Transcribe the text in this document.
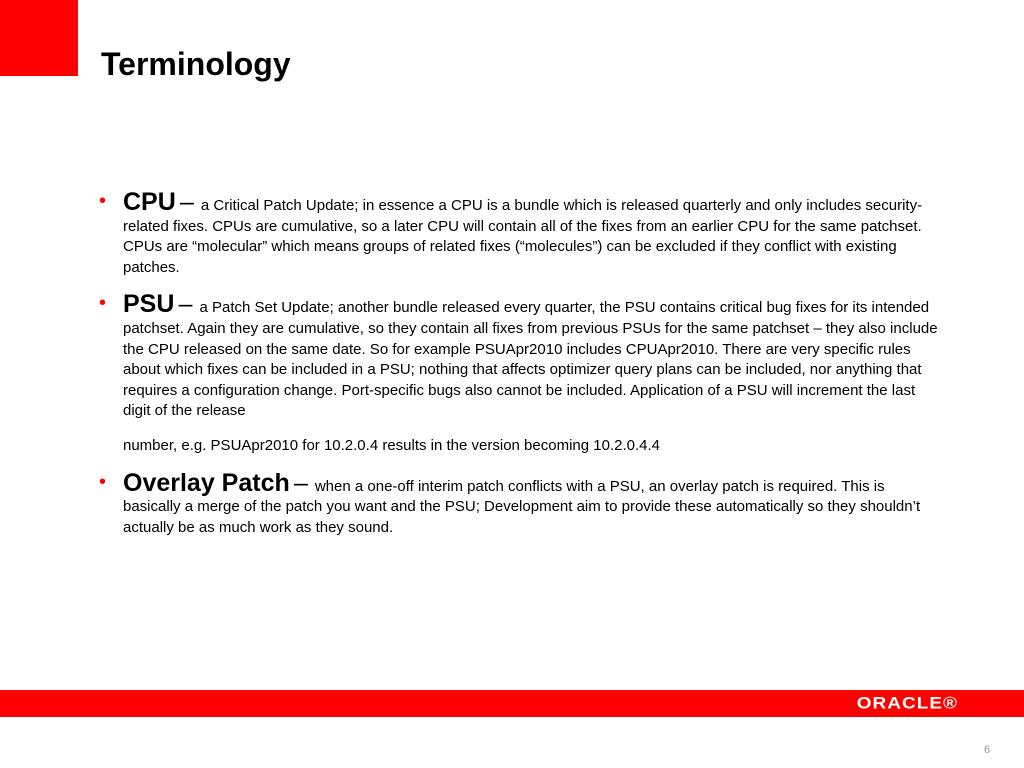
Terminology
• CPU – a Critical Patch Update; in essence a CPU is a bundle which is released quarterly and only includes security-related fixes. CPUs are cumulative, so a later CPU will contain all of the fixes from an earlier CPU for the same patchset. CPUs are “molecular” which means groups of related fixes (“molecules”) can be excluded if they conflict with existing patches.
• PSU – a Patch Set Update; another bundle released every quarter, the PSU contains critical bug fixes for its intended patchset. Again they are cumulative, so they contain all fixes from previous PSUs for the same patchset – they also include the CPU released on the same date. So for example PSUApr2010 includes CPUApr2010. There are very specific rules about which fixes can be included in a PSU; nothing that affects optimizer query plans can be included, nor anything that requires a configuration change. Port-specific bugs also cannot be included. Application of a PSU will increment the last digit of the release
number, e.g. PSUApr2010 for 10.2.0.4 results in the version becoming 10.2.0.4.4
• Overlay Patch – when a one-off interim patch conflicts with a PSU, an overlay patch is required. This is basically a merge of the patch you want and the PSU; Development aim to provide these automatically so they shouldn’t actually be as much work as they sound.
ORACLE®
6
